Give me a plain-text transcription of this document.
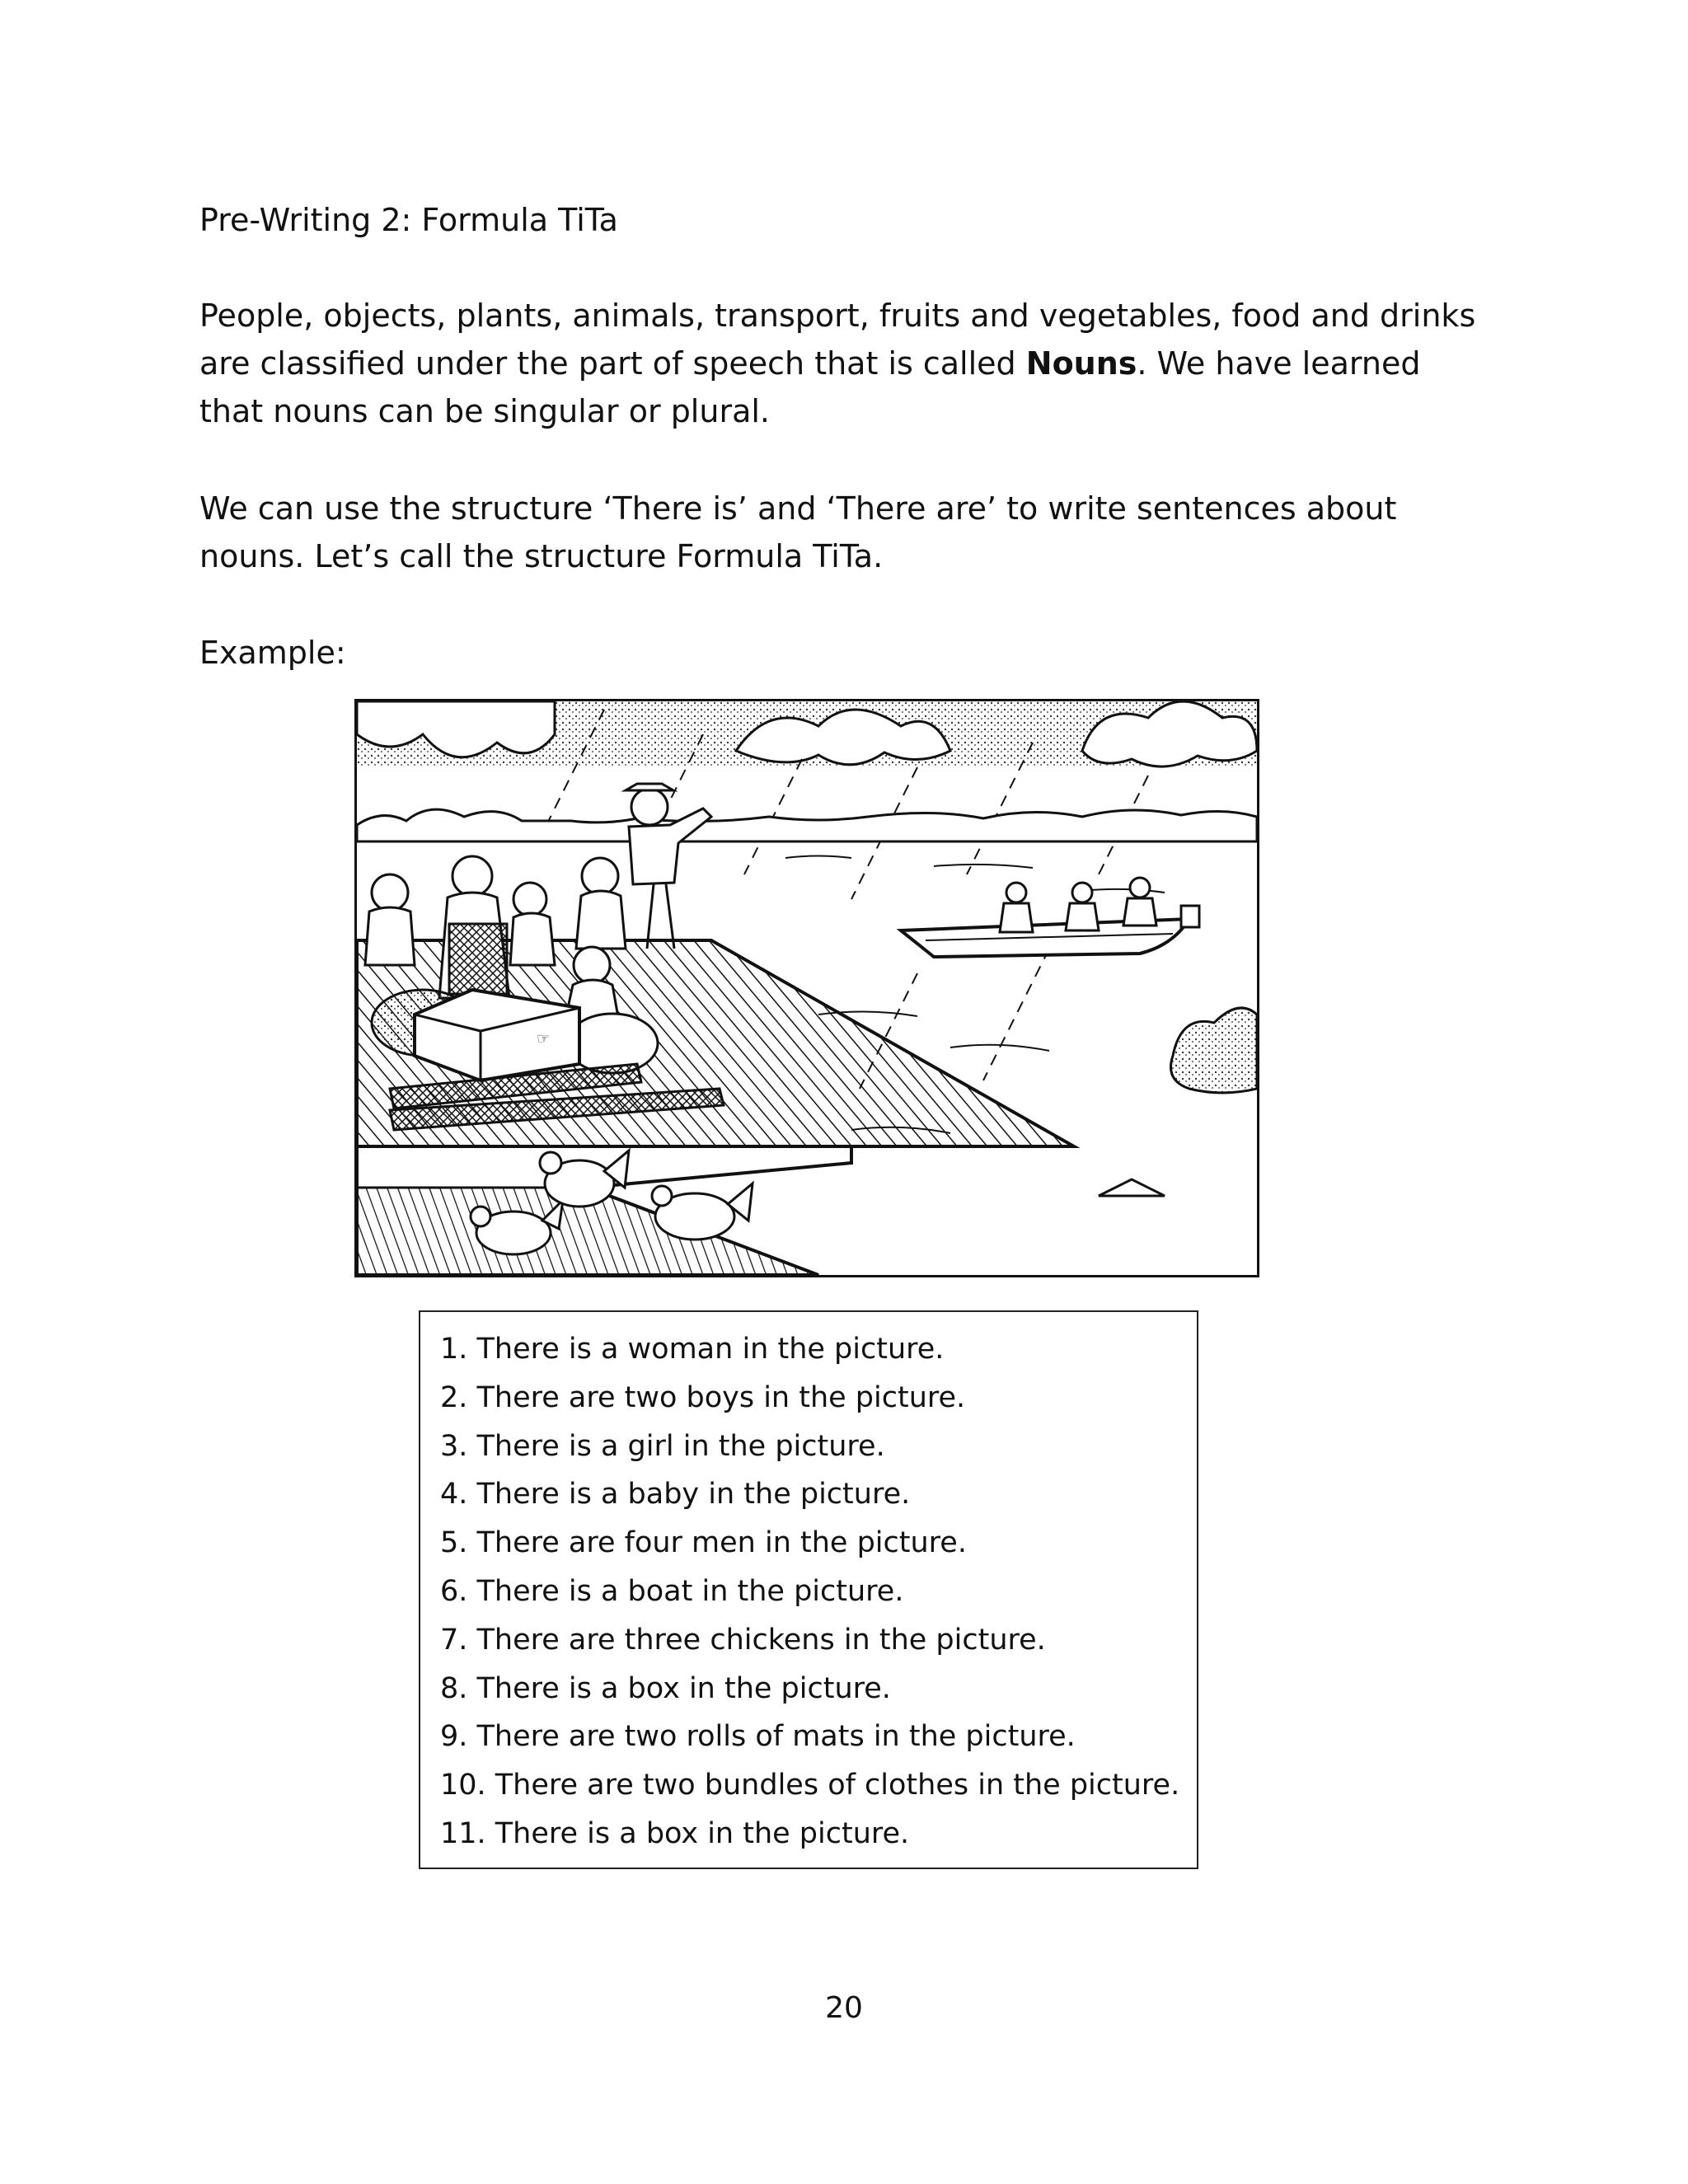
Pre-Writing 2: Formula TiTa
People, objects, plants, animals, transport, fruits and vegetables, food and drinks are classified under the part of speech that is called Nouns. We have learned that nouns can be singular or plural.
We can use the structure ‘There is’ and ‘There are’ to write sentences about nouns. Let’s call the structure Formula TiTa.
Example:
☞
1. There is a woman in the picture.
2. There are two boys in the picture.
3. There is a girl in the picture.
4. There is a baby in the picture.
5. There are four men in the picture.
6. There is a boat in the picture.
7. There are three chickens in the picture.
8. There is a box in the picture.
9. There are two rolls of mats in the picture.
10. There are two bundles of clothes in the picture.
11. There is a box in the picture.
20
